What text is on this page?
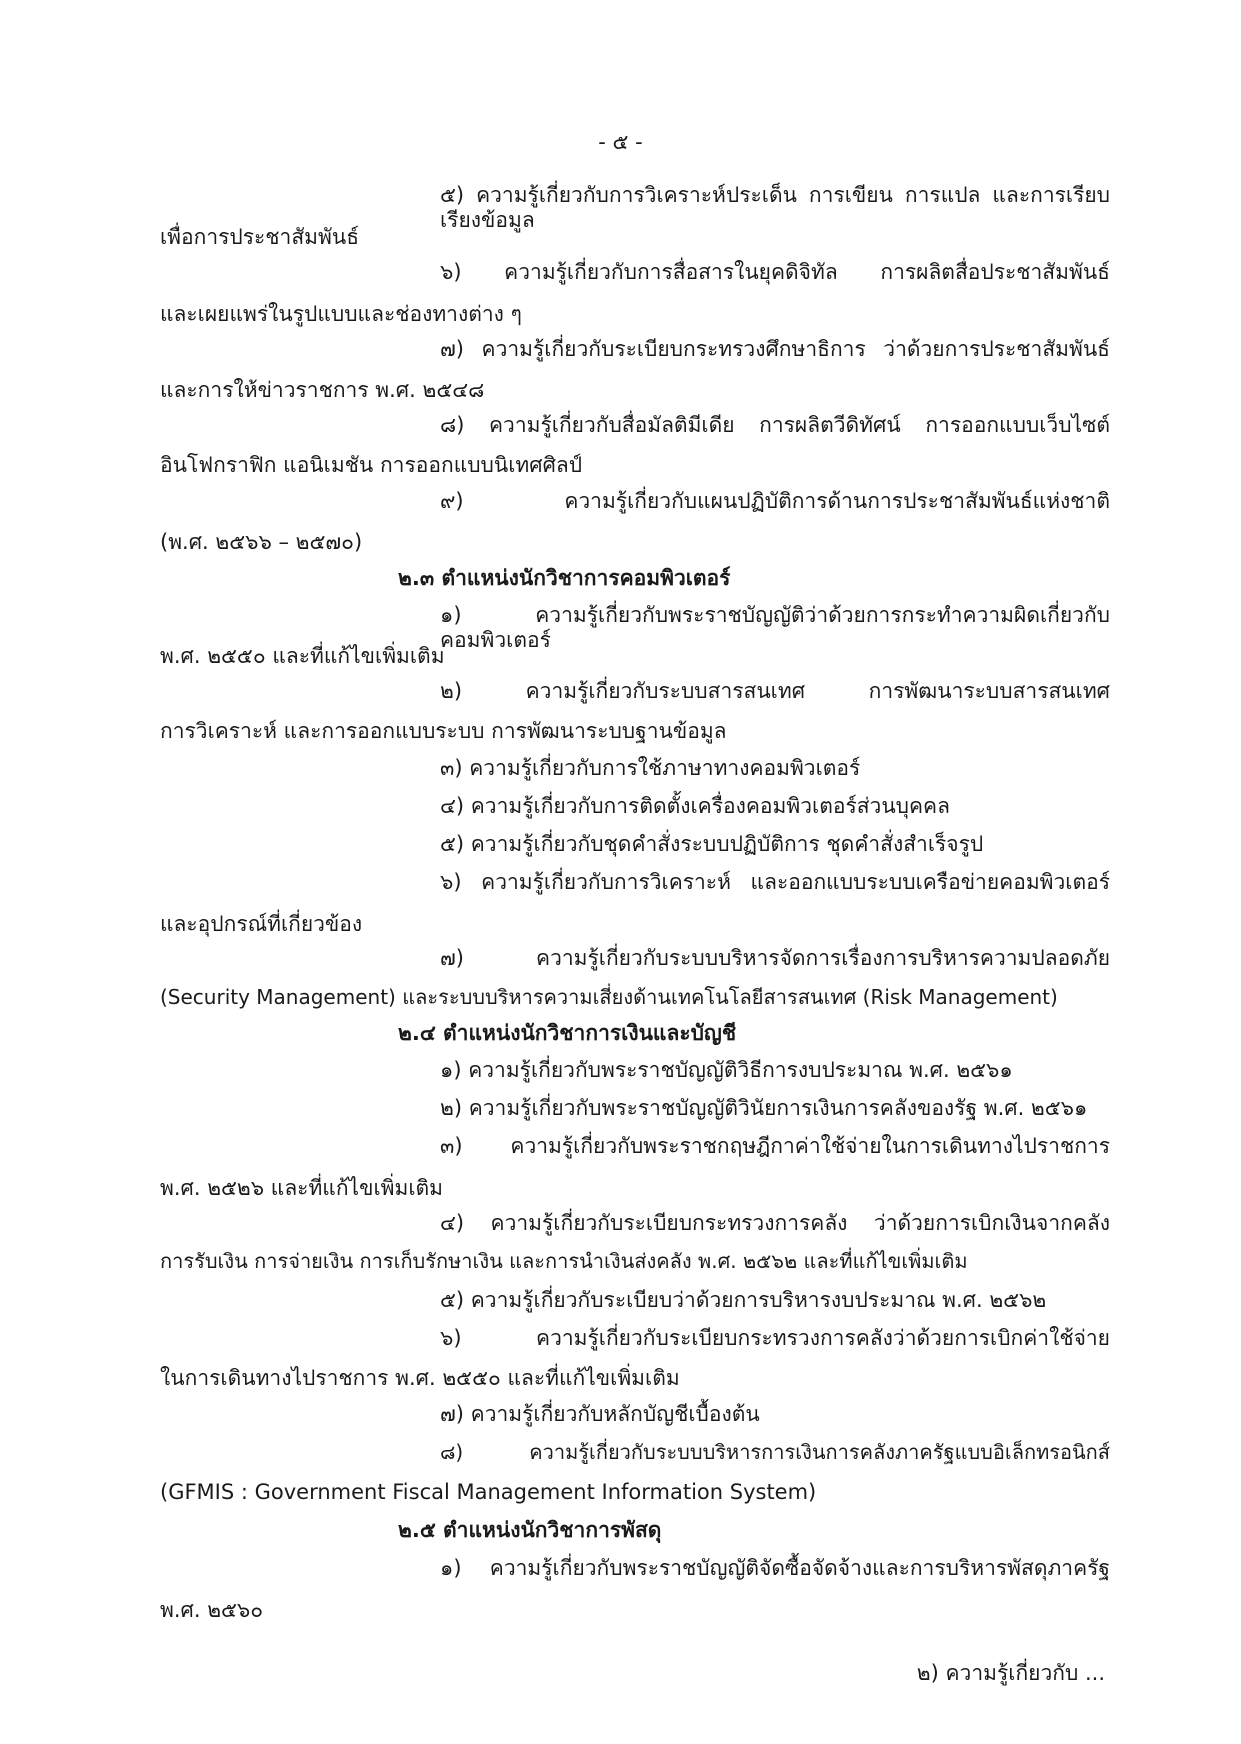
- ๕ -
๕) ความรู้เกี่ยวกับการวิเคราะห์ประเด็น การเขียน การแปล และการเรียบเรียงข้อมูล
เพื่อการประชาสัมพันธ์
๖) ความรู้เกี่ยวกับการสื่อสารในยุคดิจิทัล การผลิตสื่อประชาสัมพันธ์
และเผยแพร่ในรูปแบบและช่องทางต่าง ๆ
๗) ความรู้เกี่ยวกับระเบียบกระทรวงศึกษาธิการ ว่าด้วยการประชาสัมพันธ์
และการให้ข่าวราชการ พ.ศ. ๒๕๔๘
๘) ความรู้เกี่ยวกับสื่อมัลติมีเดีย การผลิตวีดิทัศน์ การออกแบบเว็บไซต์
อินโฟกราฟิก แอนิเมชัน การออกแบบนิเทศศิลป์
๙) ความรู้เกี่ยวกับแผนปฏิบัติการด้านการประชาสัมพันธ์แห่งชาติ
(พ.ศ. ๒๕๖๖ – ๒๕๗๐)
๒.๓ ตำแหน่งนักวิชาการคอมพิวเตอร์
๑) ความรู้เกี่ยวกับพระราชบัญญัติว่าด้วยการกระทำความผิดเกี่ยวกับคอมพิวเตอร์
พ.ศ. ๒๕๕๐ และที่แก้ไขเพิ่มเติม
๒) ความรู้เกี่ยวกับระบบสารสนเทศ การพัฒนาระบบสารสนเทศ
การวิเคราะห์ และการออกแบบระบบ การพัฒนาระบบฐานข้อมูล
๓) ความรู้เกี่ยวกับการใช้ภาษาทางคอมพิวเตอร์
๔) ความรู้เกี่ยวกับการติดตั้งเครื่องคอมพิวเตอร์ส่วนบุคคล
๕) ความรู้เกี่ยวกับชุดคำสั่งระบบปฏิบัติการ ชุดคำสั่งสำเร็จรูป
๖) ความรู้เกี่ยวกับการวิเคราะห์ และออกแบบระบบเครือข่ายคอมพิวเตอร์
และอุปกรณ์ที่เกี่ยวข้อง
๗) ความรู้เกี่ยวกับระบบบริหารจัดการเรื่องการบริหารความปลอดภัย
(Security Management) และระบบบริหารความเสี่ยงด้านเทคโนโลยีสารสนเทศ (Risk Management)
๒.๔ ตำแหน่งนักวิชาการเงินและบัญชี
๑) ความรู้เกี่ยวกับพระราชบัญญัติวิธีการงบประมาณ พ.ศ. ๒๕๖๑
๒) ความรู้เกี่ยวกับพระราชบัญญัติวินัยการเงินการคลังของรัฐ พ.ศ. ๒๕๖๑
๓) ความรู้เกี่ยวกับพระราชกฤษฎีกาค่าใช้จ่ายในการเดินทางไปราชการ
พ.ศ. ๒๕๒๖ และที่แก้ไขเพิ่มเติม
๔) ความรู้เกี่ยวกับระเบียบกระทรวงการคลัง ว่าด้วยการเบิกเงินจากคลัง
การรับเงิน การจ่ายเงิน การเก็บรักษาเงิน และการนำเงินส่งคลัง พ.ศ. ๒๕๖๒ และที่แก้ไขเพิ่มเติม
๕) ความรู้เกี่ยวกับระเบียบว่าด้วยการบริหารงบประมาณ พ.ศ. ๒๕๖๒
๖) ความรู้เกี่ยวกับระเบียบกระทรวงการคลังว่าด้วยการเบิกค่าใช้จ่าย
ในการเดินทางไปราชการ พ.ศ. ๒๕๕๐ และที่แก้ไขเพิ่มเติม
๗) ความรู้เกี่ยวกับหลักบัญชีเบื้องต้น
๘) ความรู้เกี่ยวกับระบบบริหารการเงินการคลังภาครัฐแบบอิเล็กทรอนิกส์
(GFMIS : Government Fiscal Management Information System)
๒.๕ ตำแหน่งนักวิชาการพัสดุ
๑) ความรู้เกี่ยวกับพระราชบัญญัติจัดซื้อจัดจ้างและการบริหารพัสดุภาครัฐ
พ.ศ. ๒๕๖๐
๒) ความรู้เกี่ยวกับ ...
